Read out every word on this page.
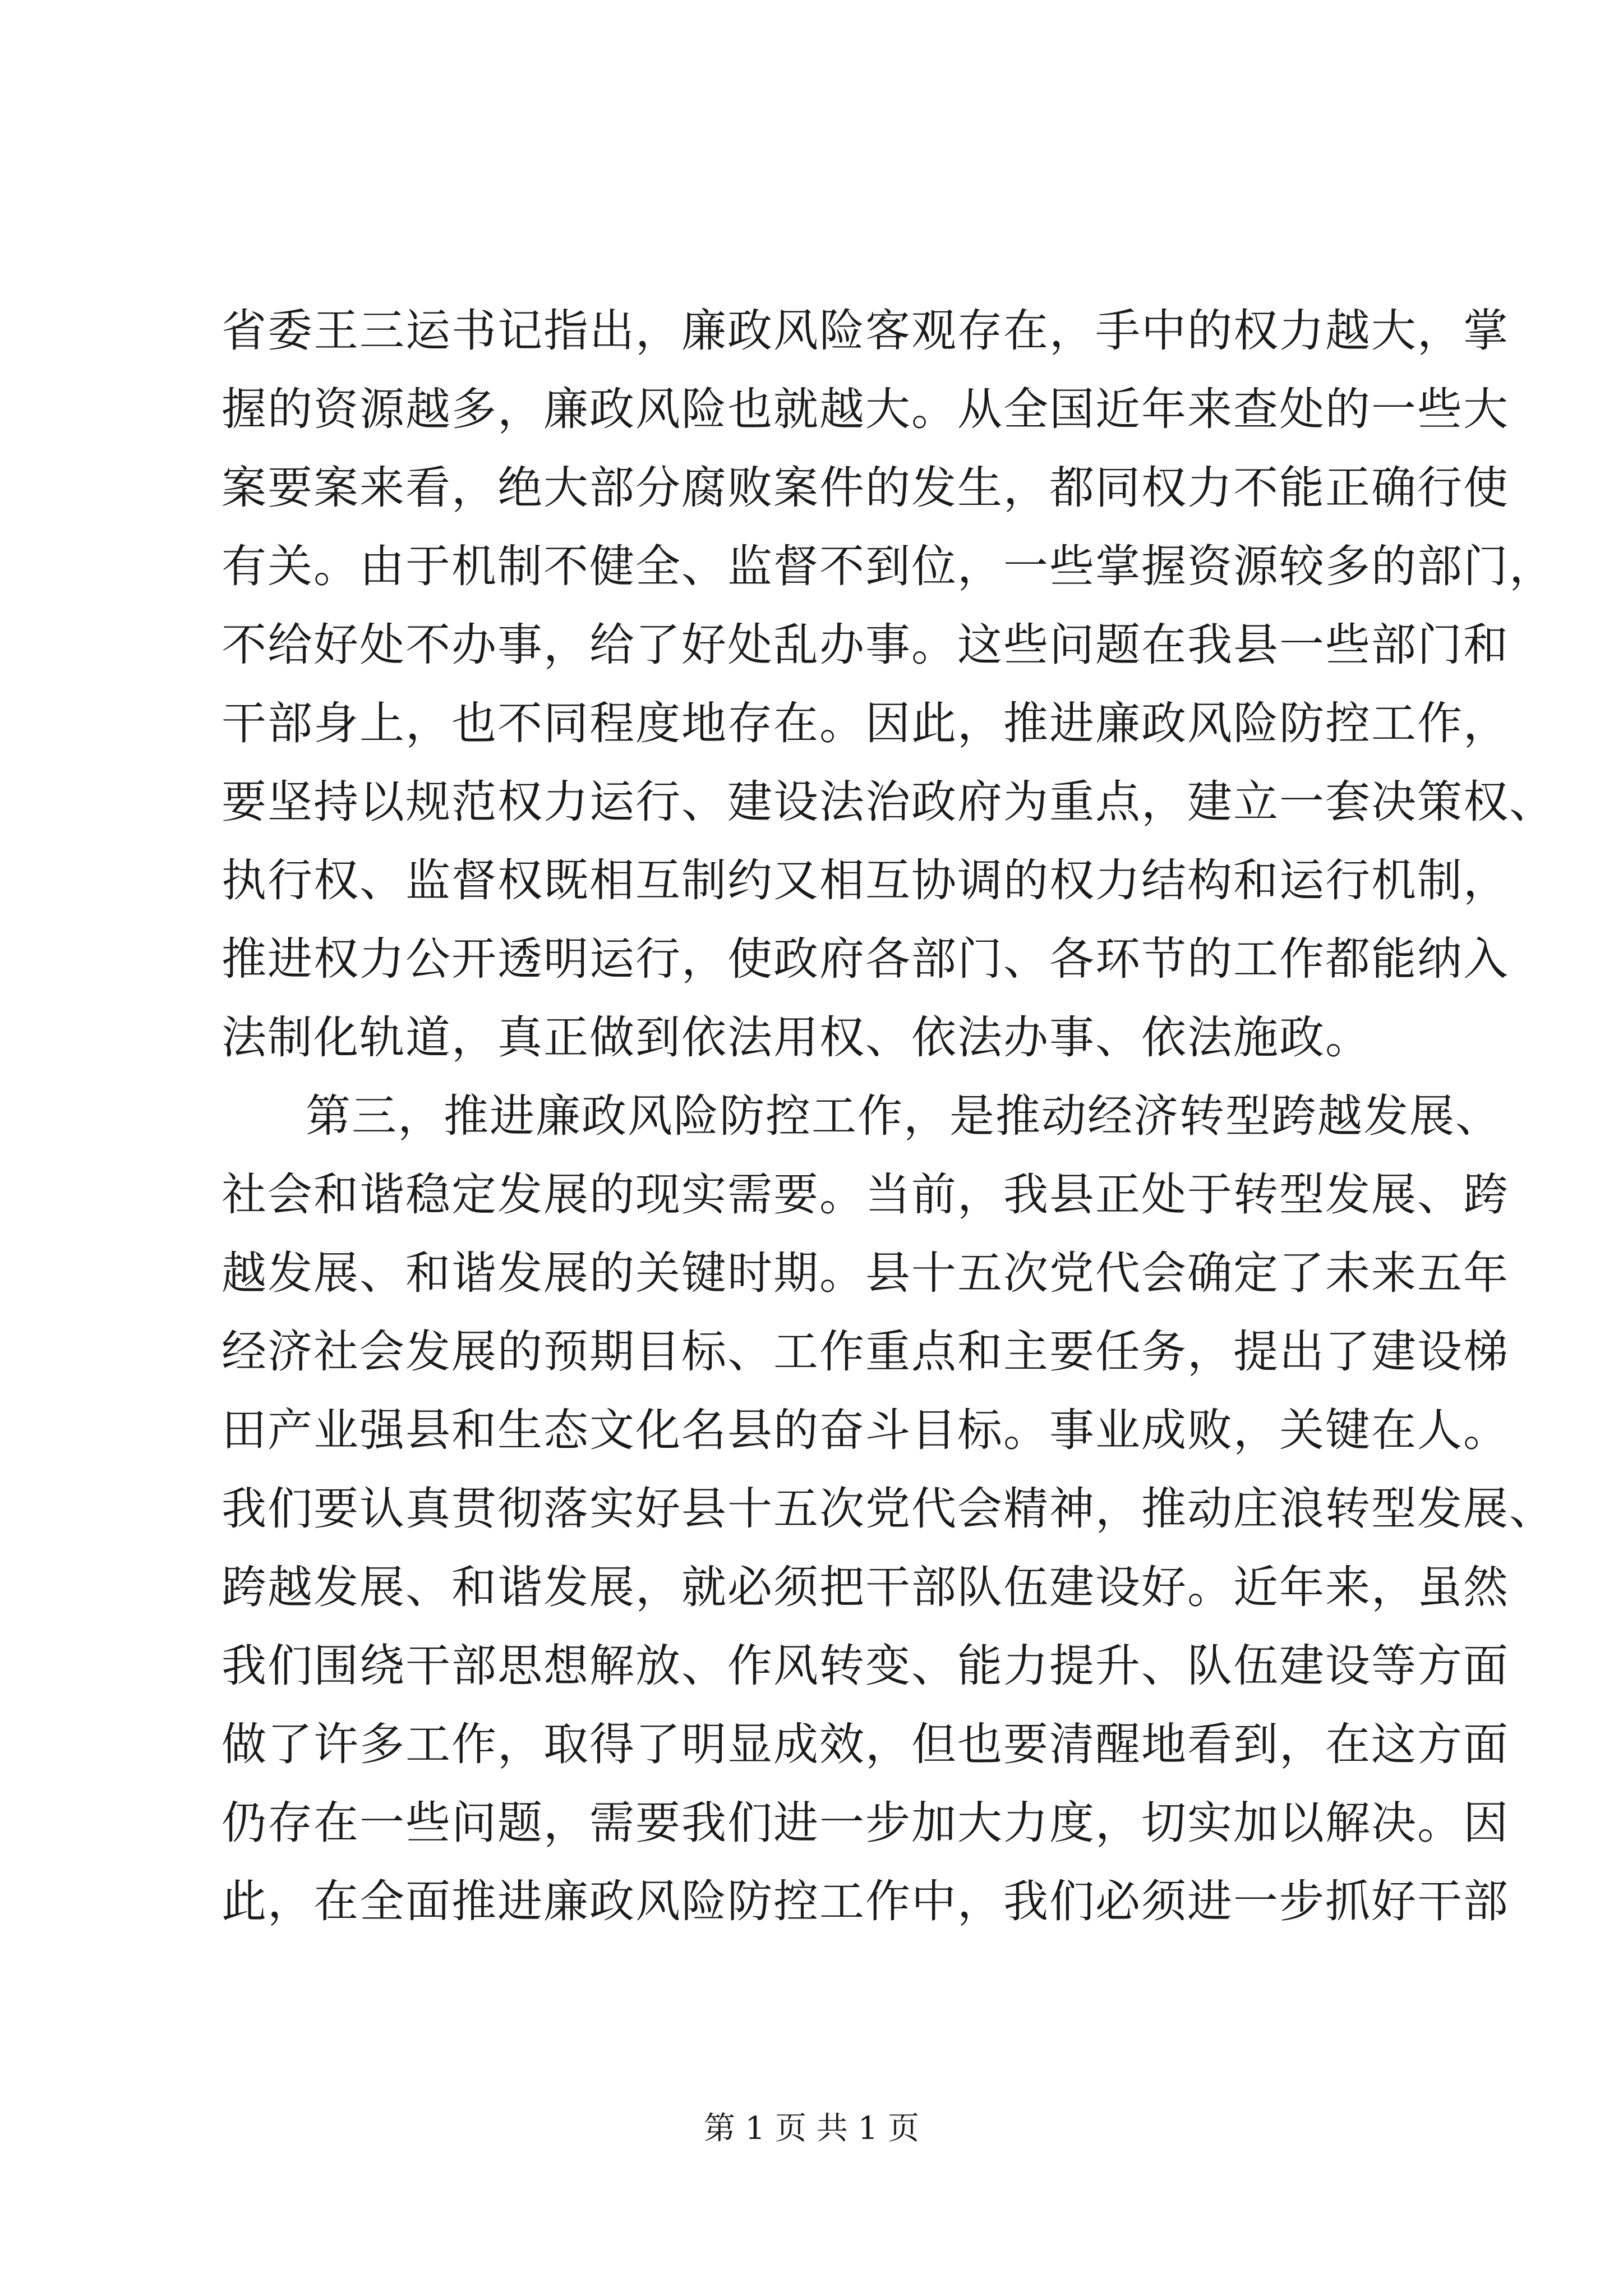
省委王三运书记指出，廉政风险客观存在，手中的权力越大，掌
握的资源越多，廉政风险也就越大。从全国近年来查处的一些大
案要案来看，绝大部分腐败案件的发生，都同权力不能正确行使
有关。由于机制不健全、监督不到位，一些掌握资源较多的部门，
不给好处不办事，给了好处乱办事。这些问题在我县一些部门和
干部身上，也不同程度地存在。因此，推进廉政风险防控工作，
要坚持以规范权力运行、建设法治政府为重点，建立一套决策权、
执行权、监督权既相互制约又相互协调的权力结构和运行机制，
推进权力公开透明运行，使政府各部门、各环节的工作都能纳入
法制化轨道，真正做到依法用权、依法办事、依法施政。
第三，推进廉政风险防控工作，是推动经济转型跨越发展、
社会和谐稳定发展的现实需要。当前，我县正处于转型发展、跨
越发展、和谐发展的关键时期。县十五次党代会确定了未来五年
经济社会发展的预期目标、工作重点和主要任务，提出了建设梯
田产业强县和生态文化名县的奋斗目标。事业成败，关键在人。
我们要认真贯彻落实好县十五次党代会精神，推动庄浪转型发展、
跨越发展、和谐发展，就必须把干部队伍建设好。近年来，虽然
我们围绕干部思想解放、作风转变、能力提升、队伍建设等方面
做了许多工作，取得了明显成效，但也要清醒地看到，在这方面
仍存在一些问题，需要我们进一步加大力度，切实加以解决。因
此，在全面推进廉政风险防控工作中，我们必须进一步抓好干部
第 1 页 共 1 页
